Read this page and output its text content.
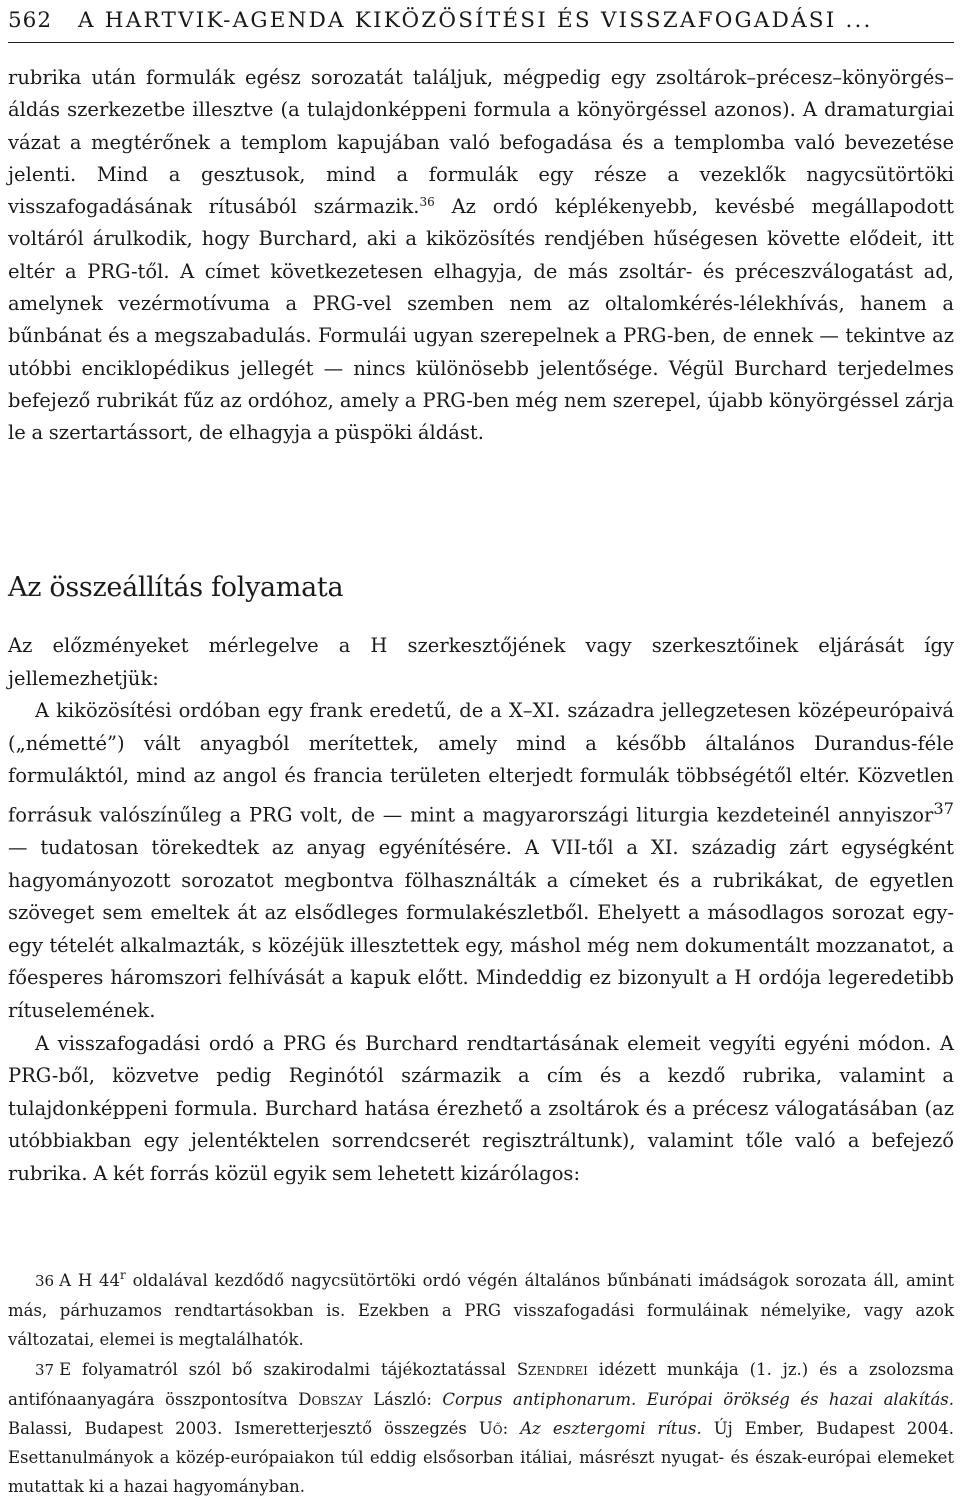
562 A HARTVIK-AGENDA KIKÖZÖSÍTÉSI ÉS VISSZAFOGADÁSI ...

rubrika után formulák egész sorozatát találjuk, mégpedig egy zsoltárok–précesz–könyörgés–áldás szerkezetbe illesztve (a tulajdonképpeni formula a könyörgéssel azonos). A dramaturgiai vázat a megtérőnek a templom kapujában való befogadása és a templomba való bevezetése jelenti. Mind a gesztusok, mind a formulák egy része a vezeklők nagycsütörtöki visszafogadásának rítusából származik.$^{36}$ Az ordó képlékenyebb, kevésbé megállapodott voltáról árulkodik, hogy Burchard, aki a kiközösítés rendjében hűségesen követte elődeit, itt eltér a PRG-től. A címet következetesen elhagyja, de más zsoltár- és préceszválogatást ad, amelynek vezérmotívuma a PRG-vel szemben nem az oltalomkérés-lélekhívás, hanem a bűnbánat és a megszabadulás. Formulái ugyan szerepelnek a PRG-ben, de ennek — tekintve az utóbbi enciklopédikus jellegét — nincs különösebb jelentősége. Végül Burchard terjedelmes befejező rubrikát fűz az ordóhoz, amely a PRG-ben még nem szerepel, újabb könyörgéssel zárja le a szertartássort, de elhagyja a püspöki áldást.

Az összeállítás folyamata

Az előzményeket mérlegelve a H szerkesztőjének vagy szerkesztőinek eljárását így jellemezhetjük:

A kiközösítési ordóban egy frank eredetű, de a X–XI. századra jellegzetesen középeurópaivá („németté”) vált anyagból merítettek, amely mind a később általános Durandus-féle formuláktól, mind az angol és francia területen elterjedt formulák többségétől eltér. Közvetlen forrásuk valószínűleg a PRG volt, de — mint a magyarországi liturgia kezdeteinél annyiszor$^{37}$ — tudatosan törekedtek az anyag egyénítésére. A VII-től a XI. századig zárt egységként hagyományozott sorozatot megbontva fölhasználták a címeket és a rubrikákat, de egyetlen szöveget sem emeltek át az elsődleges formulakészletből. Ehelyett a másodlagos sorozat egy-egy tételét alkalmazták, s közéjük illesztettek egy, máshol még nem dokumentált mozzanatot, a főesperes háromszori felhívását a kapuk előtt. Mindeddig ez bizonyult a H ordója legeredetibb rítuselemének.

A visszafogadási ordó a PRG és Burchard rendtartásának elemeit vegyíti egyéni módon. A PRG-ből, közvetve pedig Reginótól származik a cím és a kezdő rubrika, valamint a tulajdonképpeni formula. Burchard hatása érezhető a zsoltárok és a précesz válogatásában (az utóbbiakban egy jelentéktelen sorrendcserét regisztráltunk), valamint tőle való a befejező rubrika. A két forrás közül egyik sem lehetett kizárólagos:

36 A H 44$^r$ oldalával kezdődő nagycsütörtöki ordó végén általános bűnbánati imádságok sorozata áll, amint más, párhuzamos rendtartásokban is. Ezekben a PRG visszafogadási formuláinak némelyike, vagy azok változatai, elemei is megtalálhatók.

37 E folyamatról szól bő szakirodalmi tájékoztatással Szendrei idézett munkája (1. jz.) és a zsolozsma antifónaanyagára összpontosítva Dobszay László: Corpus antiphonarum. Európai örökség és hazai alakítás. Balassi, Budapest 2003. Ismeretterjesztő összegzés Uő: Az esztergomi rítus. Új Ember, Budapest 2004. Esettanulmányok a közép-európaiakon túl eddig elsősorban itáliai, másrészt nyugat- és észak-európai elemeket mutattak ki a hazai hagyományban.
